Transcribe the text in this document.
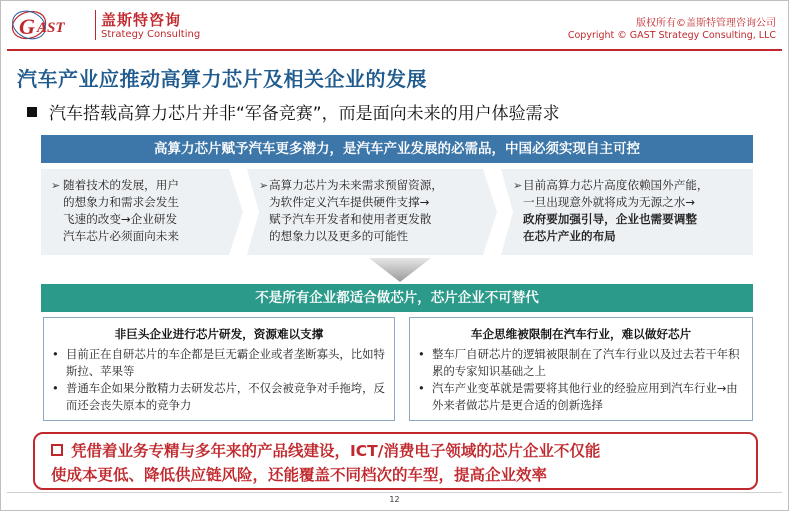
G AST 盖斯特咨询
Strategy Consulting
版权所有©盖斯特管理咨询公司
Copyright © GAST Strategy Consulting, LLC
汽车产业应推动高算力芯片及相关企业的发展
汽车搭载高算力芯片并非“军备竞赛”，而是面向未来的用户体验需求
高算力芯片赋予汽车更多潜力，是汽车产业发展的必需品，中国必须实现自主可控
➢ 随着技术的发展，用户
的想象力和需求会发生
飞速的改变→企业研发
汽车芯片必须面向未来
➢ 高算力芯片为未来需求预留资源，
为软件定义汽车提供硬件支撑→
赋予汽车开发者和使用者更发散
的想象力以及更多的可能性
➢ 目前高算力芯片高度依赖国外产能，
一旦出现意外就将成为无源之水→
政府要加强引导，企业也需要调整
在芯片产业的布局
不是所有企业都适合做芯片，芯片企业不可替代
非巨头企业进行芯片研发，资源难以支撑
• 目前正在自研芯片的车企都是巨无霸企业或者垄断寡头，比如特斯拉、苹果等
• 普通车企如果分散精力去研发芯片，不仅会被竞争对手拖垮，反而还会丧失原本的竞争力
车企思维被限制在汽车行业，难以做好芯片
• 整车厂自研芯片的逻辑被限制在了汽车行业以及过去若干年积累的专家知识基础之上
• 汽车产业变革就是需要将其他行业的经验应用到汽车行业→由外来者做芯片是更合适的创新选择
凭借着业务专精与多年来的产品线建设，ICT/消费电子领域的芯片企业不仅能
使成本更低、降低供应链风险，还能覆盖不同档次的车型，提高企业效率
12
